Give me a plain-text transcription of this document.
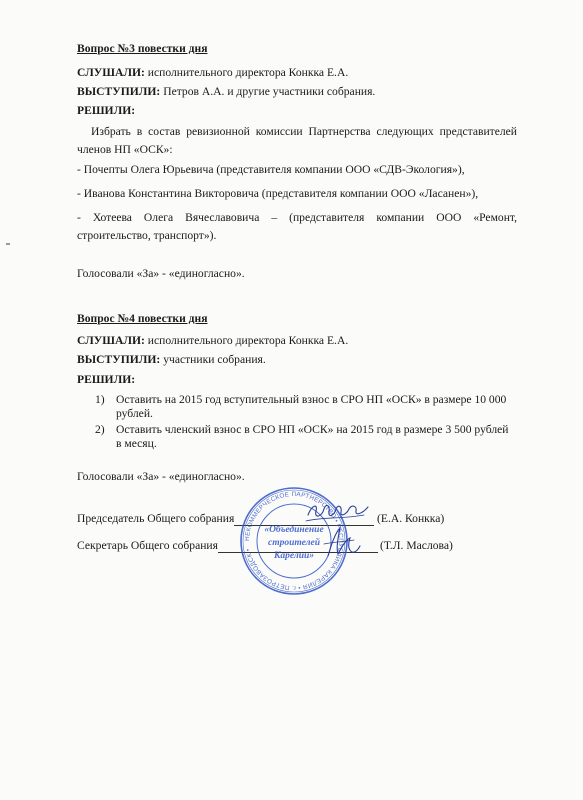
Вопрос №3 повестки дня
СЛУШАЛИ: исполнительного директора Конкка Е.А.
ВЫСТУПИЛИ: Петров А.А. и другие участники собрания.
РЕШИЛИ:
Избрать в состав ревизионной комиссии Партнерства следующих представителей
членов НП «ОСК»:
- Почепты Олега Юрьевича (представителя компании ООО «СДВ-Экология»),
- Ивановa Константина Викторовича (представителя компании ООО «Ласанен»),
- Хотеева Олега Вячеславовича – (представителя компании ООО «Ремонт,
строительство, транспорт»).
Голосовали «За» - «единогласно».
Вопрос №4 повестки дня
СЛУШАЛИ: исполнительного директора Конкка Е.А.
ВЫСТУПИЛИ: участники собрания.
РЕШИЛИ:
1) Оставить на 2015 год вступительный взнос в СРО НП «ОСК» в размере 10 000
рублей.
2) Оставить членский взнос в СРО НП «ОСК» на 2015 год в размере 3 500 рублей
в месяц.
Голосовали «За» - «единогласно».
Председатель Общего собрания	(Е.А. Конкка)
Секретарь Общего собрания	(Т.Л. Маслова)
НЕКОММЕРЧЕСКОЕ ПАРТНЕРСТВО • РЕСПУБЛИКА КАРЕЛИЯ • г. ПЕТРОЗАВОДСК •
«Объединение
строителей
Карелии»
